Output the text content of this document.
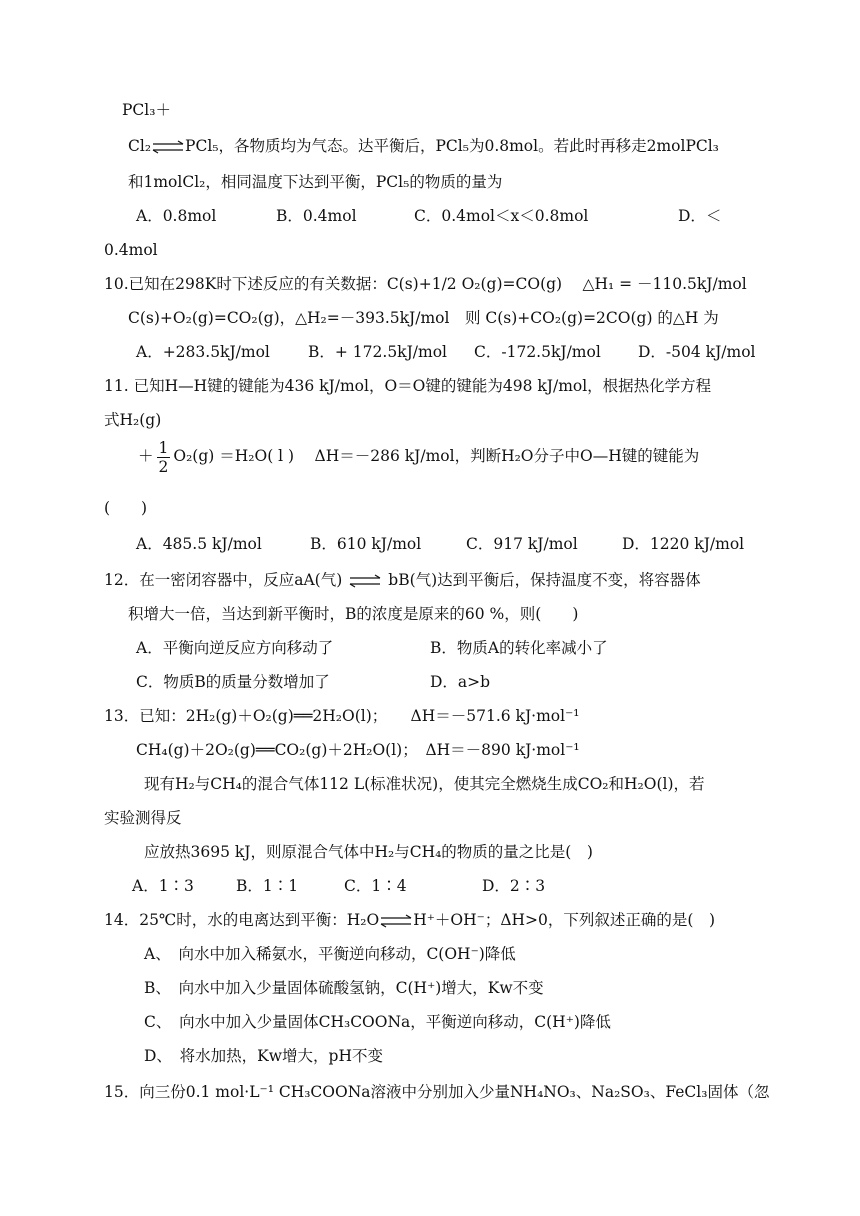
PCl₃＋
Cl₂⇌PCl₅，各物质均为气态。达平衡后，PCl₅为0.8mol。若此时再移走2molPCl₃
和1molCl₂，相同温度下达到平衡，PCl₅的物质的量为
A．0.8mol	B．0.4mol	C．0.4mol＜x＜0.8mol	D．＜
0.4mol
10.已知在298K时下述反应的有关数据：C(s)+1/2 O₂(g)=CO(g)　 △H₁ = －110.5kJ/mol
C(s)+O₂(g)=CO₂(g)，△H₂=－393.5kJ/mol　则 C(s)+CO₂(g)=2CO(g) 的△H 为
A．+283.5kJ/mol B．+ 172.5kJ/mol C．-172.5kJ/mol D．-504 kJ/mol
11. 已知H—H键的键能为436 kJ/mol，O＝O键的键能为498 kJ/mol，根据热化学方程
式H₂(g)
＋ $\frac{1}{2} O_2(g) =H_2O$( l )　 ΔH＝－286 kJ/mol，判断H₂O分子中O—H键的键能为
(　　)
A．485.5 kJ/mol	B．610 kJ/mol	C．917 kJ/mol	D．1220 kJ/mol
12．在一密闭容器中，反应aA(气) ⇌ bB(气)达到平衡后，保持温度不变，将容器体
积增大一倍，当达到新平衡时，B的浓度是原来的60 %，则(　　)
A．平衡向逆反应方向移动了	B．物质A的转化率减小了
C．物质B的质量分数增加了	D．a>b
13．已知：2H₂(g)＋O₂(g)══2H₂O(l)；　　ΔH＝－571.6 kJ·mol⁻¹
CH₄(g)＋2O₂(g)══CO₂(g)＋2H₂O(l)；　ΔH＝－890 kJ·mol⁻¹
现有H₂与CH₄的混合气体112 L(标准状况)，使其完全燃烧生成CO₂和H₂O(l)，若
实验测得反
应放热3695 kJ，则原混合气体中H₂与CH₄的物质的量之比是(　)
A．1∶3	B．1∶1	C．1∶4	D．2∶3
14．25℃时，水的电离达到平衡：H₂O⇌H⁺＋OH⁻；ΔH>0，下列叙述正确的是(　)
A、　向水中加入稀氨水，平衡逆向移动，C(OH⁻)降低
B、　向水中加入少量固体硫酸氢钠，C(H⁺)增大，Kw不变
C、　向水中加入少量固体CH₃COONa，平衡逆向移动，C(H⁺)降低
D、　将水加热，Kw增大，pH不变
15．向三份0.1 mol·L⁻¹ CH₃COONa溶液中分别加入少量NH₄NO₃、Na₂SO₃、FeCl₃固体（忽
